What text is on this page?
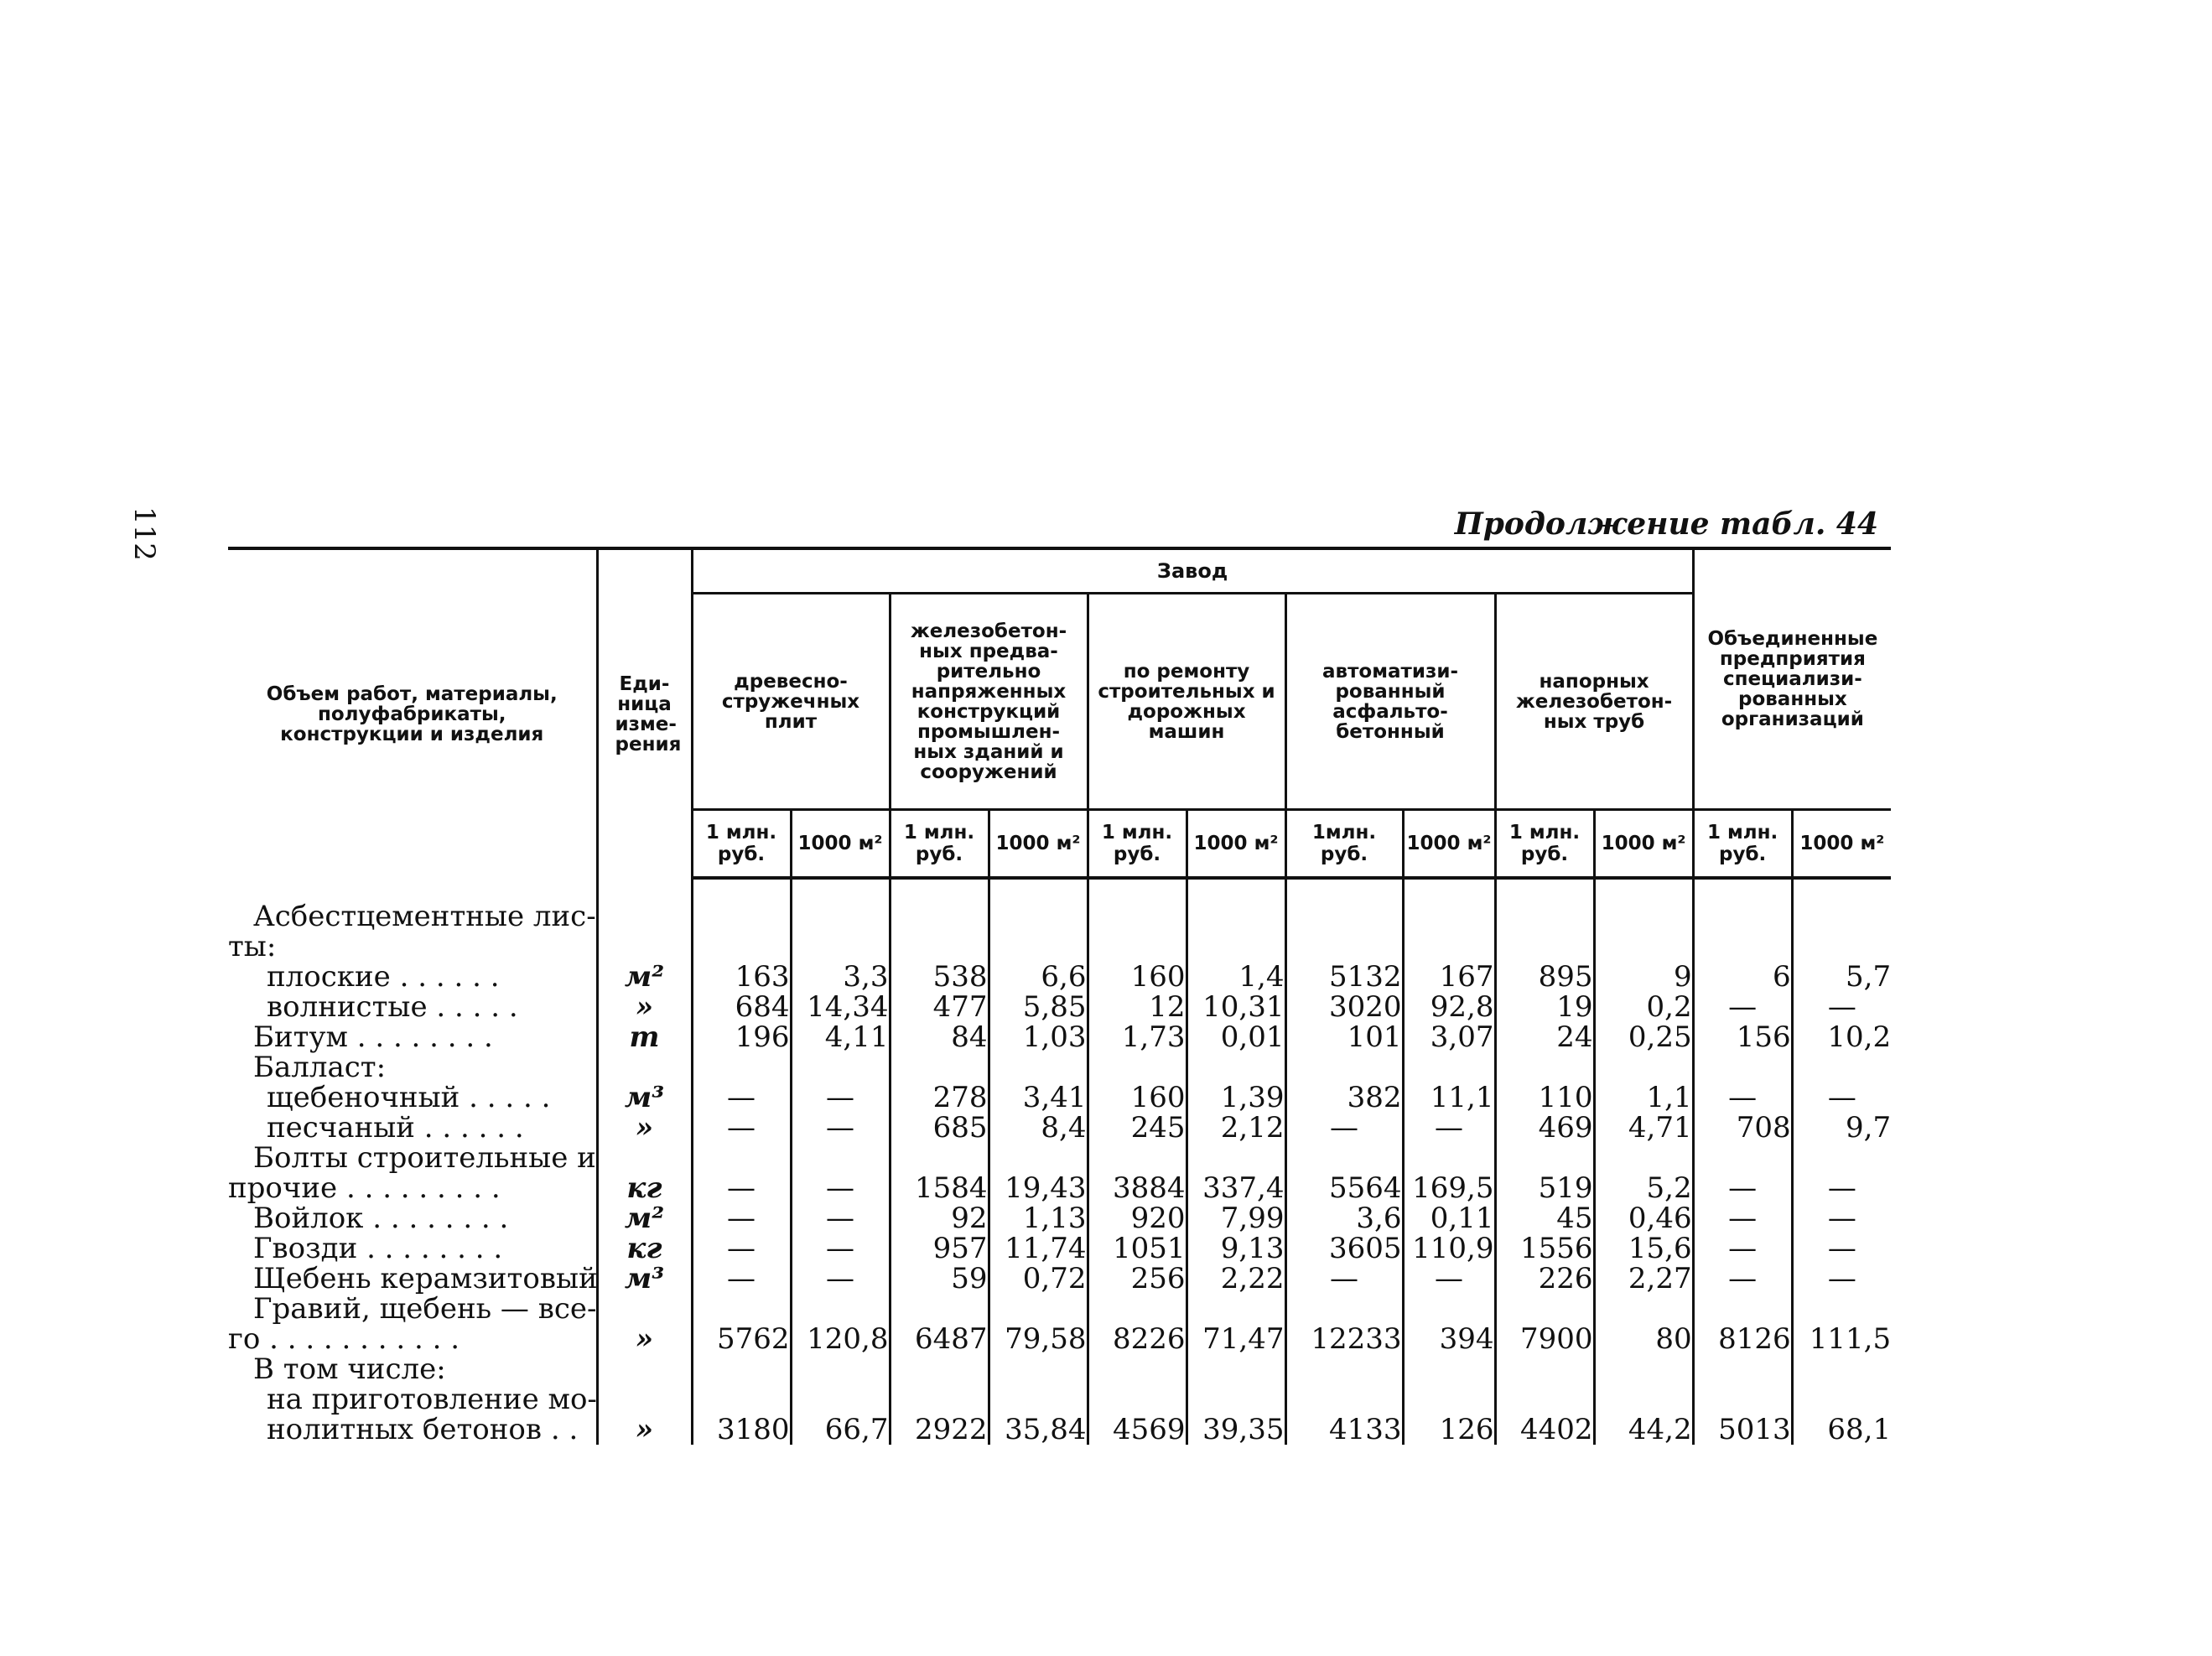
112	Продолжение табл. 44
Объем работ, материалы, полуфабрикаты, конструкции и изделия	Еди- ница изме- рения	Завод										Объединенные предприятия специализи- рованных организаций	
		древесно- стружечных плит		железобетон- ных предва- рительно напряженных конструкций промышлен- ных зданий и сооружений		по ремонту строительных и дорожных машин		автоматизи- рованный асфальто- бетонный		напорных железобетон- ных труб			
		1 млн. руб.	1000 м²	1 млн. руб.	1000 м²	1 млн. руб.	1000 м²	1млн. руб.	1000 м²	1 млн. руб.	1000 м²	1 млн. руб.	1000 м²

Асбестцементные лис-													
ты:													
плоские . . . . . .	м²	163	3,3	538	6,6	160	1,4	5132	167	895	9	6	5,7
волнистые . . . . .	»	684	14,34	477	5,85	12	10,31	3020	92,8	19	0,2	—	—
Битум . . . . . . . .	т	196	4,11	84	1,03	1,73	0,01	101	3,07	24	0,25	156	10,2
Балласт:													
щебеночный . . . . .	м³	—	—	278	3,41	160	1,39	382	11,1	110	1,1	—	—
песчаный . . . . . .	»	—	—	685	8,4	245	2,12	—	—	469	4,71	708	9,7
Болты строительные и													
прочие . . . . . . . . .	кг	—	—	1584	19,43	3884	337,4	5564	169,5	519	5,2	—	—
Войлок . . . . . . . .	м²	—	—	92	1,13	920	7,99	3,6	0,11	45	0,46	—	—
Гвозди . . . . . . . .	кг	—	—	957	11,74	1051	9,13	3605	110,9	1556	15,6	—	—
Щебень керамзитовый	м³	—	—	59	0,72	256	2,22	—	—	226	2,27	—	—
Гравий, щебень — все-													
го . . . . . . . . . . .	»	5762	120,8	6487	79,58	8226	71,47	12233	394	7900	80	8126	111,5
В том числе:													
на приготовление мо-													
нолитных бетонов . .	»	3180	66,7	2922	35,84	4569	39,35	4133	126	4402	44,2	5013	68,1
